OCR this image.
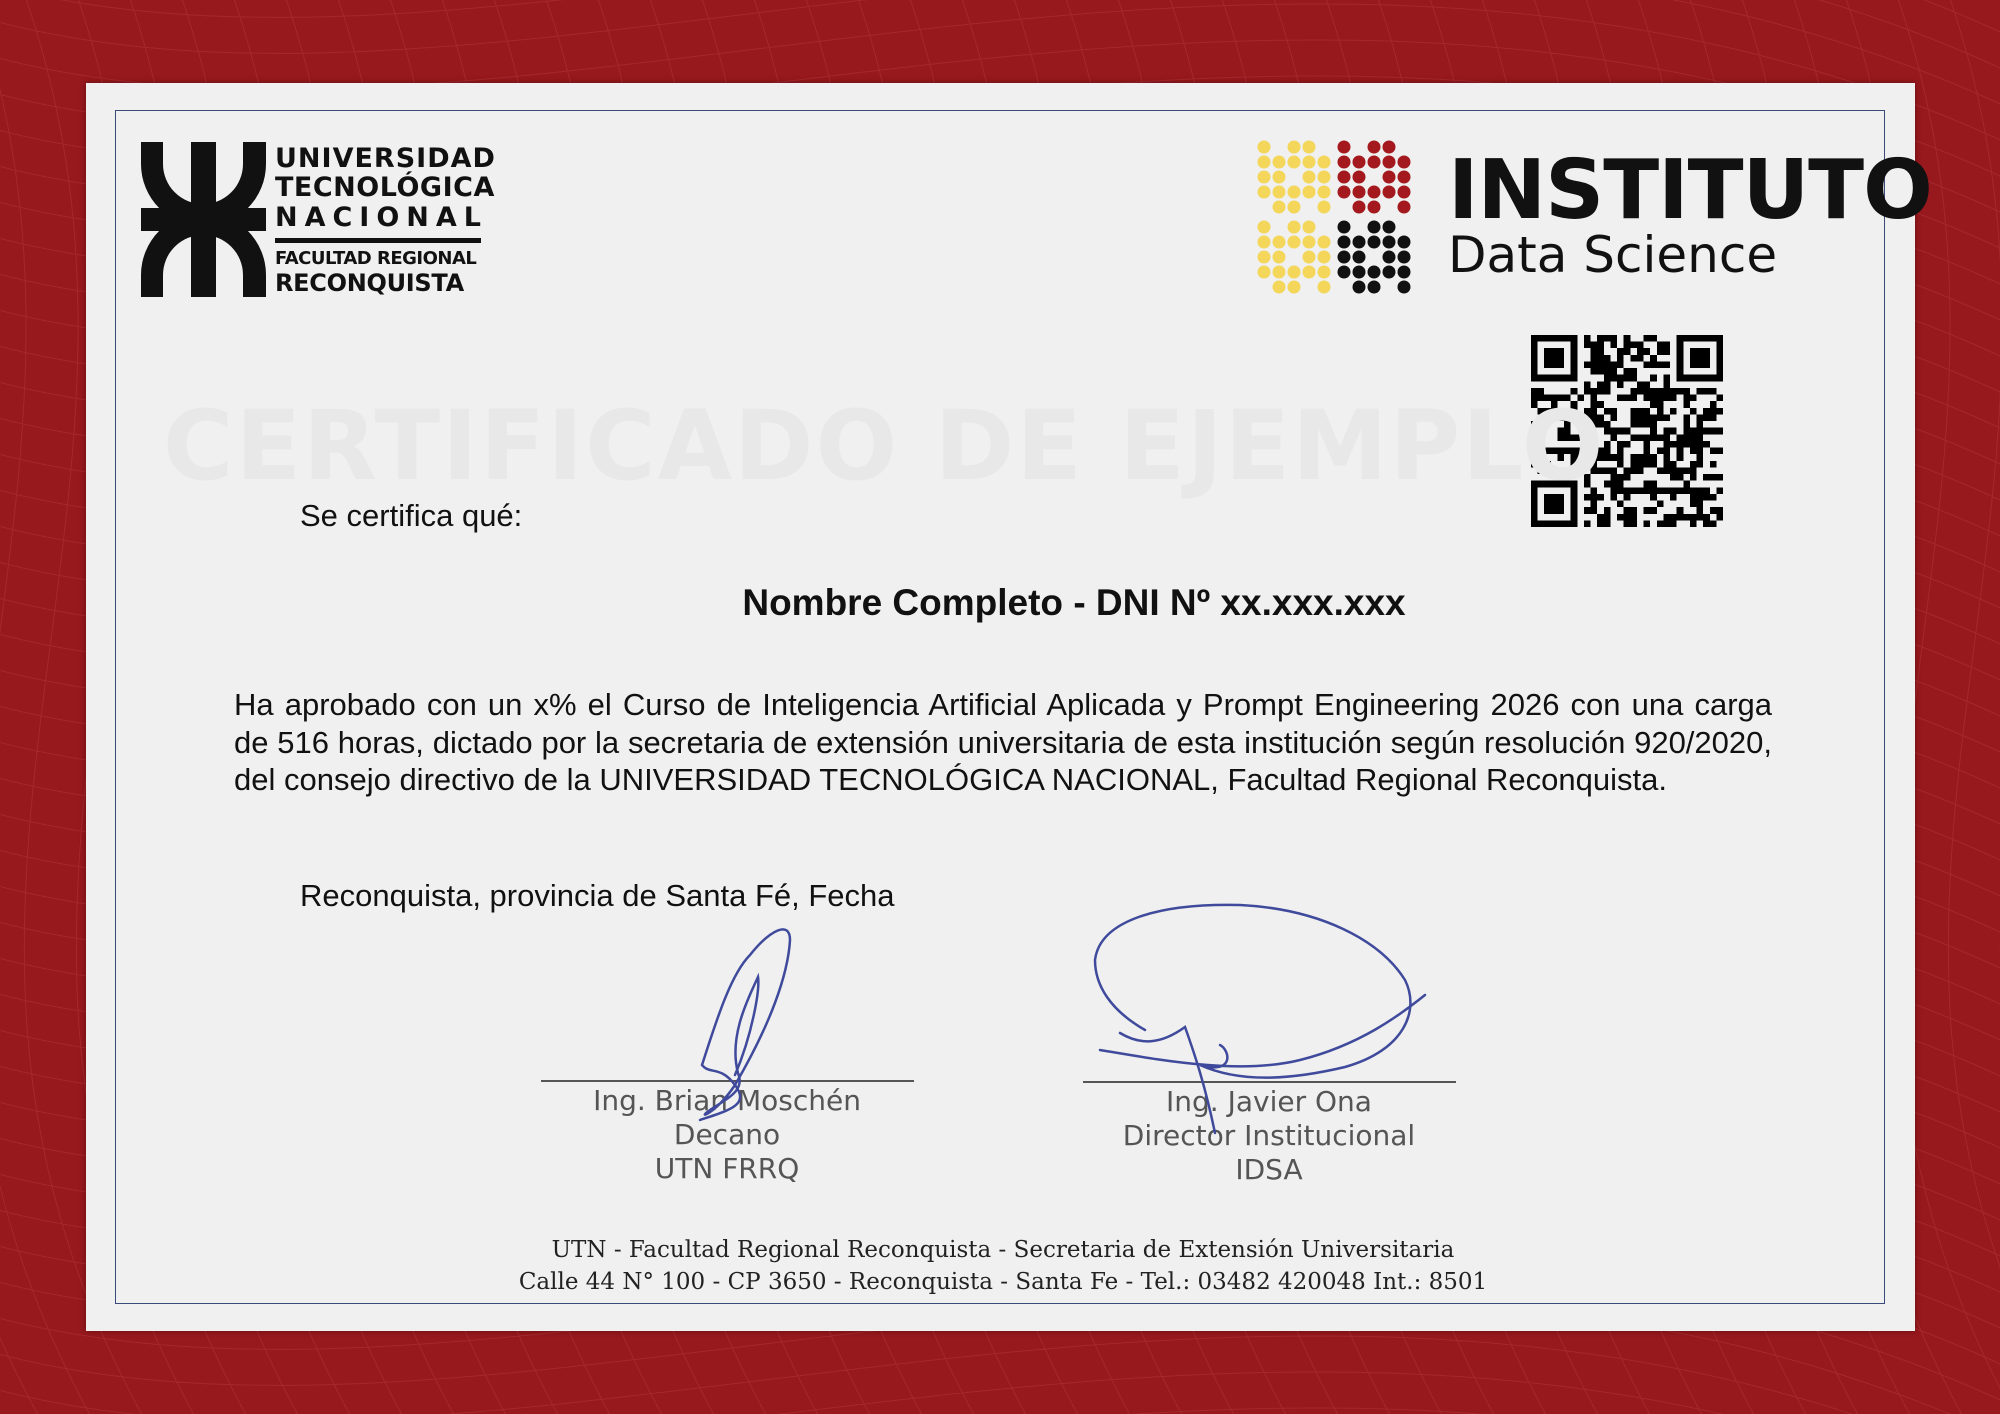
UNIVERSIDAD
TECNOLÓGICA
NACIONAL
FACULTAD REGIONAL
RECONQUISTA
INSTITUTO
Data Science
CERTIFICADO DE EJEMPLO
Se certifica qué:
Nombre Completo - DNI Nº xx.xxx.xxx
Ha aprobado con un x% el Curso de Inteligencia Artificial Aplicada y Prompt Engineering 2026 con una carga de 516 horas, dictado por la secretaria de extensión universitaria de esta institución según resolución 920/2020, del consejo directivo de la UNIVERSIDAD TECNOLÓGICA NACIONAL, Facultad Regional Reconquista.
Reconquista, provincia de Santa Fé, Fecha
Ing. Brian Moschén
Decano
UTN FRRQ
Ing. Javier Ona
Director Institucional
IDSA
UTN - Facultad Regional Reconquista - Secretaria de Extensión Universitaria
Calle 44 N° 100 - CP 3650 - Reconquista - Santa Fe - Tel.: 03482 420048 Int.: 8501
